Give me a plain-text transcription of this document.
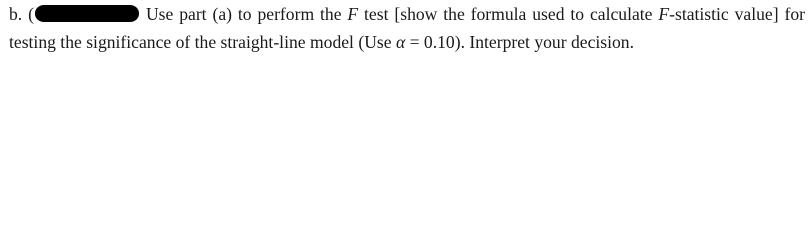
b. (	Use part (a) to perform the F test [show the formula used to calculate F-statistic value] for testing the significance of the straight-line model (Use α = 0.10). Interpret your decision.
